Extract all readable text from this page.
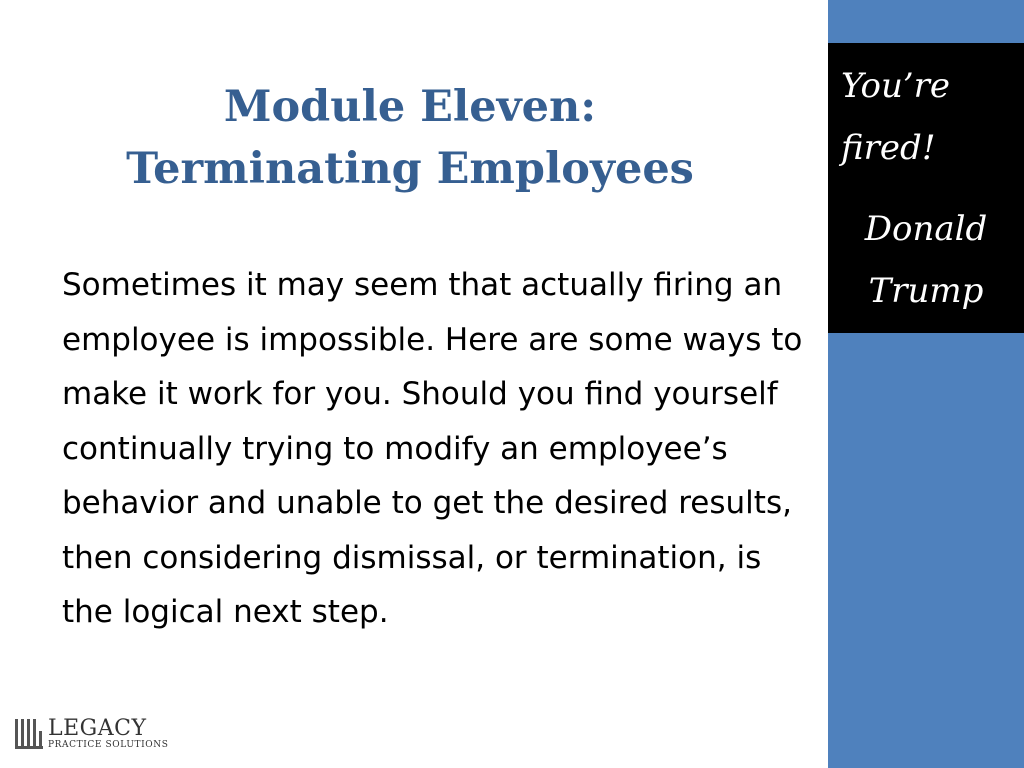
You’re fired!
Donald
Trump
Module Eleven:
Terminating Employees
Sometimes it may seem that actually firing an employee is impossible. Here are some ways to make it work for you. Should you find yourself continually trying to modify an employee’s behavior and unable to get the desired results, then considering dismissal, or termination, is the logical next step.
LEGACY
PRACTICE SOLUTIONS
